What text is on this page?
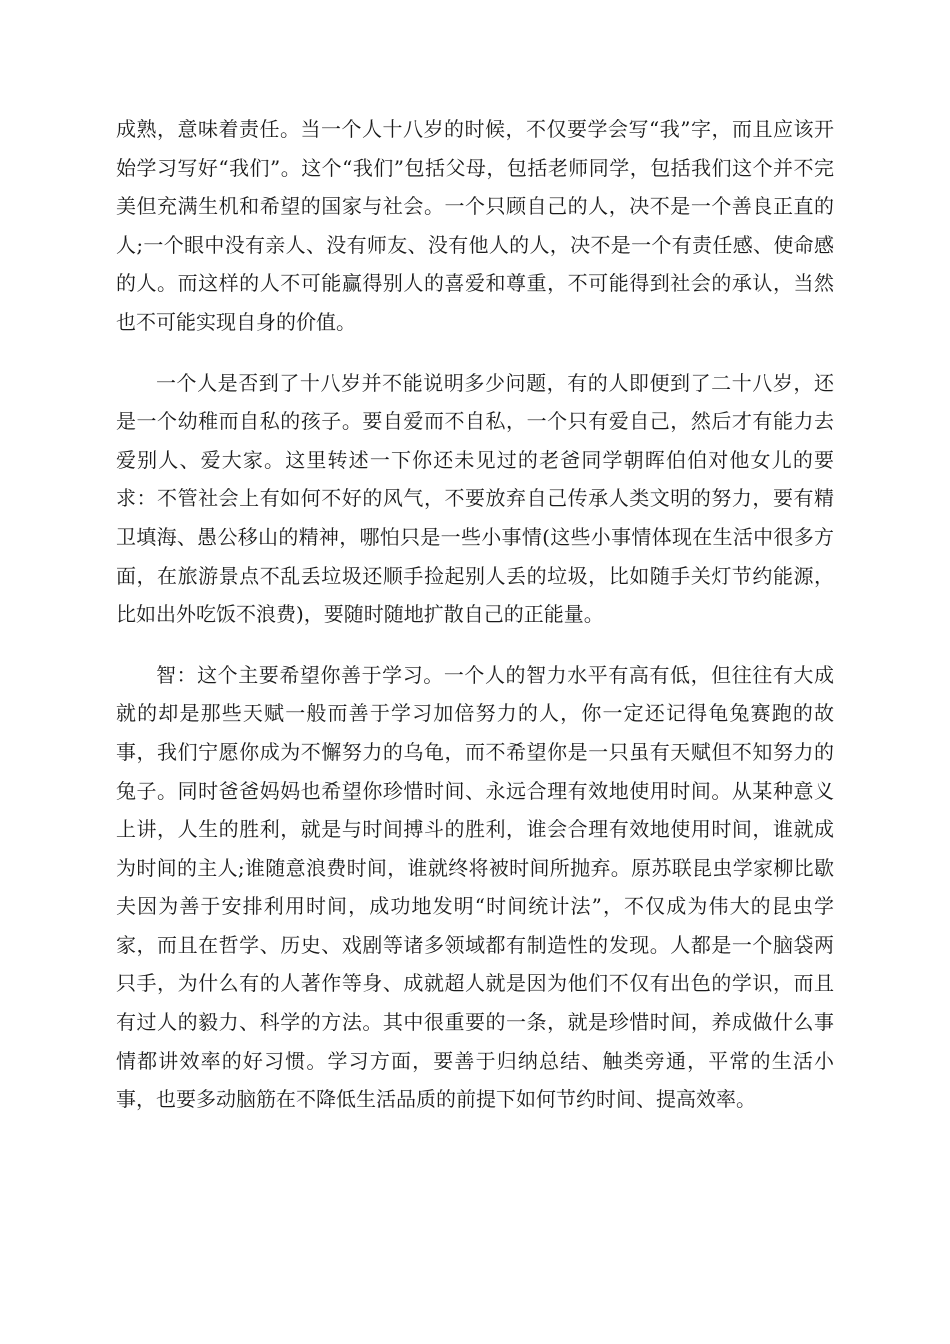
成熟，意味着责任。当一个人十八岁的时候，不仅要学会写“我”字，而且应该开始学习写好“我们”。这个“我们”包括父母，包括老师同学，包括我们这个并不完美但充满生机和希望的国家与社会。一个只顾自己的人，决不是一个善良正直的人;一个眼中没有亲人、没有师友、没有他人的人，决不是一个有责任感、使命感的人。而这样的人不可能赢得别人的喜爱和尊重，不可能得到社会的承认，当然也不可能实现自身的价值。

一个人是否到了十八岁并不能说明多少问题，有的人即便到了二十八岁，还是一个幼稚而自私的孩子。要自爱而不自私，一个只有爱自己，然后才有能力去爱别人、爱大家。这里转述一下你还未见过的老爸同学朝晖伯伯对他女儿的要求：不管社会上有如何不好的风气，不要放弃自己传承人类文明的努力，要有精卫填海、愚公移山的精神，哪怕只是一些小事情(这些小事情体现在生活中很多方面，在旅游景点不乱丢垃圾还顺手捡起别人丢的垃圾，比如随手关灯节约能源，比如出外吃饭不浪费)，要随时随地扩散自己的正能量。

智：这个主要希望你善于学习。一个人的智力水平有高有低，但往往有大成就的却是那些天赋一般而善于学习加倍努力的人，你一定还记得龟兔赛跑的故事，我们宁愿你成为不懈努力的乌龟，而不希望你是一只虽有天赋但不知努力的兔子。同时爸爸妈妈也希望你珍惜时间、永远合理有效地使用时间。从某种意义上讲，人生的胜利，就是与时间搏斗的胜利，谁会合理有效地使用时间，谁就成为时间的主人;谁随意浪费时间，谁就终将被时间所抛弃。原苏联昆虫学家柳比歇夫因为善于安排利用时间，成功地发明“时间统计法”，不仅成为伟大的昆虫学家，而且在哲学、历史、戏剧等诸多领域都有制造性的发现。人都是一个脑袋两只手，为什么有的人著作等身、成就超人就是因为他们不仅有出色的学识，而且有过人的毅力、科学的方法。其中很重要的一条，就是珍惜时间，养成做什么事情都讲效率的好习惯。学习方面，要善于归纳总结、触类旁通，平常的生活小事，也要多动脑筋在不降低生活品质的前提下如何节约时间、提高效率。
